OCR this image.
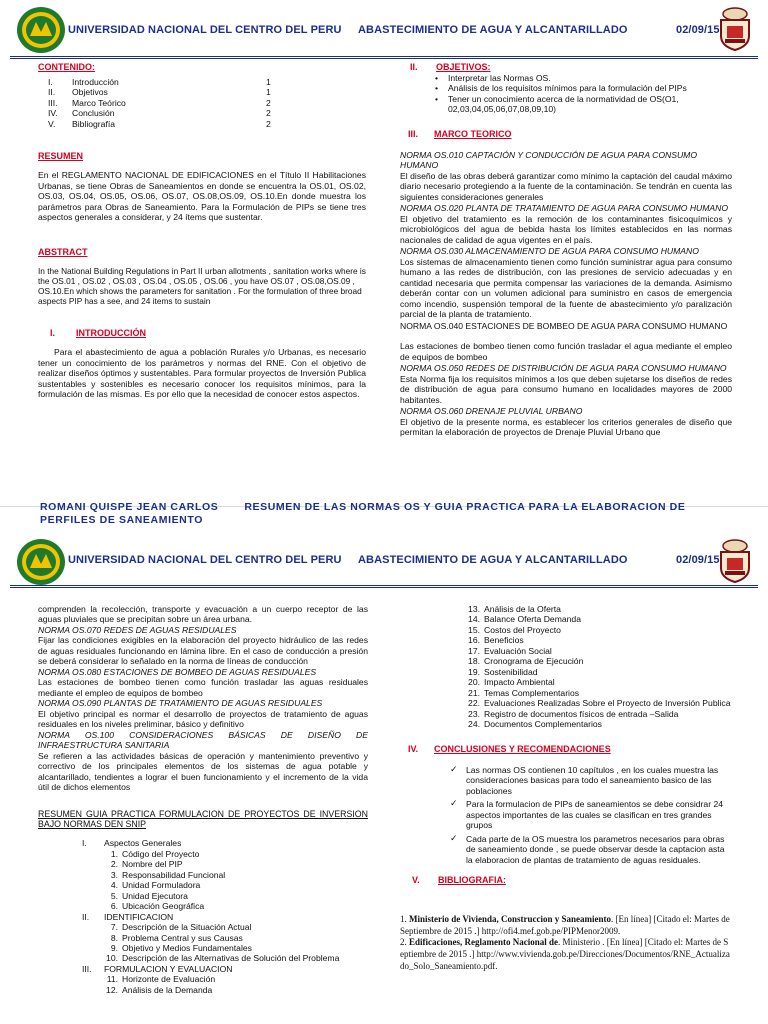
UNIVERSIDAD NACIONAL DEL CENTRO DEL PERU ABASTECIMIENTO DE AGUA Y ALCANTARILLADO	02/09/15
CONTENIDO:
I.	Introducción	1
II.	Objetivos	1
III.	Marco Teórico	2
IV.	Conclusión	2
V.	Bibliografía	2
RESUMEN

En el REGLAMENTO NACIONAL DE EDIFICACIONES en el Título II Habilitaciones Urbanas, se tiene Obras de Saneamientos en donde se encuentra la OS.01, OS.02, OS.03, OS.04, OS.05, OS.06, OS.07, OS.08,OS.09, OS.10.En donde muestra los parámetros para Obras de Saneamiento. Para la Formulación de PIPs se tiene tres aspectos generales a considerar, y 24 ítems que sustentar.

ABSTRACT

In the National Building Regulations in Part II urban allotments , sanitation works where is the OS.01 , OS.02 , OS.03 , OS.04 , OS.05 , OS.06 , you have OS.07 , OS.08,OS.09 , OS.10.En which shows the parameters for sanitation . For the formulation of three broad aspects PIP has a see, and 24 items to sustain

I. INTRODUCCIÓN

Para el abastecimiento de agua a población Rurales y/o Urbanas, es necesario tener un conocimiento de los parámetros y normas del RNE. Con el objetivo de realizar diseños óptimos y sustentables. Para formular proyectos de Inversión Publica sustentables y sostenibles es necesario conocer los requisitos mínimos, para la formulación de las mismas. Es por ello que la necesidad de conocer estos aspectos.

II. OBJETIVOS:
• Interpretar las Normas OS.
• Análisis de los requisitos mínimos para la formulación del PIPs
• Tener un conocimiento acerca de la normatividad de OS(O1, 02,03,04,05,06,07,08,09,10)
III. MARCO TEORICO

NORMA OS.010 CAPTACIÓN Y CONDUCCIÓN DE AGUA PARA CONSUMO HUMANO

El diseño de las obras deberá garantizar como mínimo la captación del caudal máximo diario necesario protegiendo a la fuente de la contaminación. Se tendrán en cuenta las siguientes consideraciones generales

NORMA OS.020 PLANTA DE TRATAMIENTO DE AGUA PARA CONSUMO HUMANO

El objetivo del tratamiento es la remoción de los contaminantes fisicoquímicos y microbiológicos del agua de bebida hasta los límites establecidos en las normas nacionales de calidad de agua vigentes en el país.

NORMA OS.030 ALMACENAMIENTO DE AGUA PARA CONSUMO HUMANO

Los sistemas de almacenamiento tienen como función suministrar agua para consumo humano a las redes de distribución, con las presiones de servicio adecuadas y en cantidad necesaria que permita compensar las variaciones de la demanda. Asimismo deberán contar con un volumen adicional para suministro en casos de emergencia como incendio, suspensión temporal de la fuente de abastecimiento y/o paralización parcial de la planta de tratamiento.

NORMA OS.040 ESTACIONES DE BOMBEO DE AGUA PARA CONSUMO HUMANO

Las estaciones de bombeo tienen como función trasladar el agua mediante el empleo de equipos de bombeo

NORMA OS.050 REDES DE DISTRIBUCIÓN DE AGUA PARA CONSUMO HUMANO

Esta Norma fija los requisitos mínimos a los que deben sujetarse los diseños de redes de distribución de agua para consumo humano en localidades mayores de 2000 habitantes.

NORMA OS.060 DRENAJE PLUVIAL URBANO

El objetivo de la presente norma, es establecer los criterios generales de diseño que permitan la elaboración de proyectos de Drenaje Pluvial Urbano que

ROMANI QUISPE JEAN CARLOS RESUMEN DE LAS NORMAS OS Y GUIA PRACTICA PARA LA ELABORACION DE PERFILES DE SANEAMIENTO
UNIVERSIDAD NACIONAL DEL CENTRO DEL PERU ABASTECIMIENTO DE AGUA Y ALCANTARILLADO	02/09/15

comprenden la recolección, transporte y evacuación a un cuerpo receptor de las aguas pluviales que se precipitan sobre un área urbana.

NORMA OS.070 REDES DE AGUAS RESIDUALES

Fijar las condiciones exigibles en la elaboración del proyecto hidráulico de las redes de aguas residuales funcionando en lámina libre. En el caso de conducción a presión se deberá considerar lo señalado en la norma de líneas de conducción

NORMA OS.080 ESTACIONES DE BOMBEO DE AGUAS RESIDUALES

Las estaciones de bombeo tienen como función trasladar las aguas residuales mediante el empleo de equipos de bombeo

NORMA OS.090 PLANTAS DE TRATAMIENTO DE AGUAS RESIDUALES

El objetivo principal es normar el desarrollo de proyectos de tratamiento de aguas residuales en los niveles preliminar, básico y definitivo

NORMA OS.100 CONSIDERACIONES BÁSICAS DE DISEÑO DE INFRAESTRUCTURA SANITARIA

Se refieren a las actividades básicas de operación y mantenimiento preventivo y correctivo de los principales elementos de los sistemas de agua potable y alcantarillado, tendientes a lograr el buen funcionamiento y el incremento de la vida útil de dichos elementos

RESUMEN GUIA PRACTICA FORMULACION DE PROYECTOS DE INVERSION BAJO NORMAS DEN SNIP

I.	Aspectos Generales
1. Código del Proyecto
2. Nombre del PIP
3. Responsabilidad Funcional
4. Unidad Formuladora
5. Unidad Ejecutora
6. Ubicación Geográfica
II.	IDENTIFICACION
7. Descripción de la Situación Actual
8. Problema Central y sus Causas
9. Objetivo y Medios Fundamentales
10. Descripción de las Alternativas de Solución del Problema
III.	FORMULACION Y EVALUACION
11. Horizonte de Evaluación
12. Análisis de la Demanda
13. Análisis de la Oferta
14. Balance Oferta Demanda
15. Costos del Proyecto
16. Beneficios
17. Evaluación Social
18. Cronograma de Ejecución
19. Sostenibilidad
20. Impacto Ambiental
21. Temas Complementarios
22. Evaluaciones Realizadas Sobre el Proyecto de Inversión Publica
23. Registro de documentos físicos de entrada –Salida
24. Documentos Complementarios
IV. CONCLUSIONES Y RECOMENDACIONES
✓ Las normas OS contienen 10 capítulos , en los cuales muestra las consideraciones basicas para todo el saneamiento basico de las poblaciones
✓ Para la formulacion de PIPs de saneamientos se debe considrar 24 aspectos importantes de las cuales se clasifican en tres grandes grupos
✓ Cada parte de la OS muestra los parametros necesarios para obras de saneamiento donde , se puede observar desde la captacion asta la elaboracion de plantas de tratamiento de aguas residuales.
V. BIBLIOGRAFIA:

1. Ministerio de Vivienda, Construccion y Saneamiento. [En línea] [Citado el: Martes de Septiembre de 2015 .] http://ofi4.mef.gob.pe/PIPMenor2009.

2. Edificaciones, Reglamento Nacional de. Ministerio . [En línea] [Citado el: Martes de Septiembre de 2015 .] http://www.vivienda.gob.pe/Direcciones/Documentos/RNE_Actualizado_Solo_Saneamiento.pdf.
